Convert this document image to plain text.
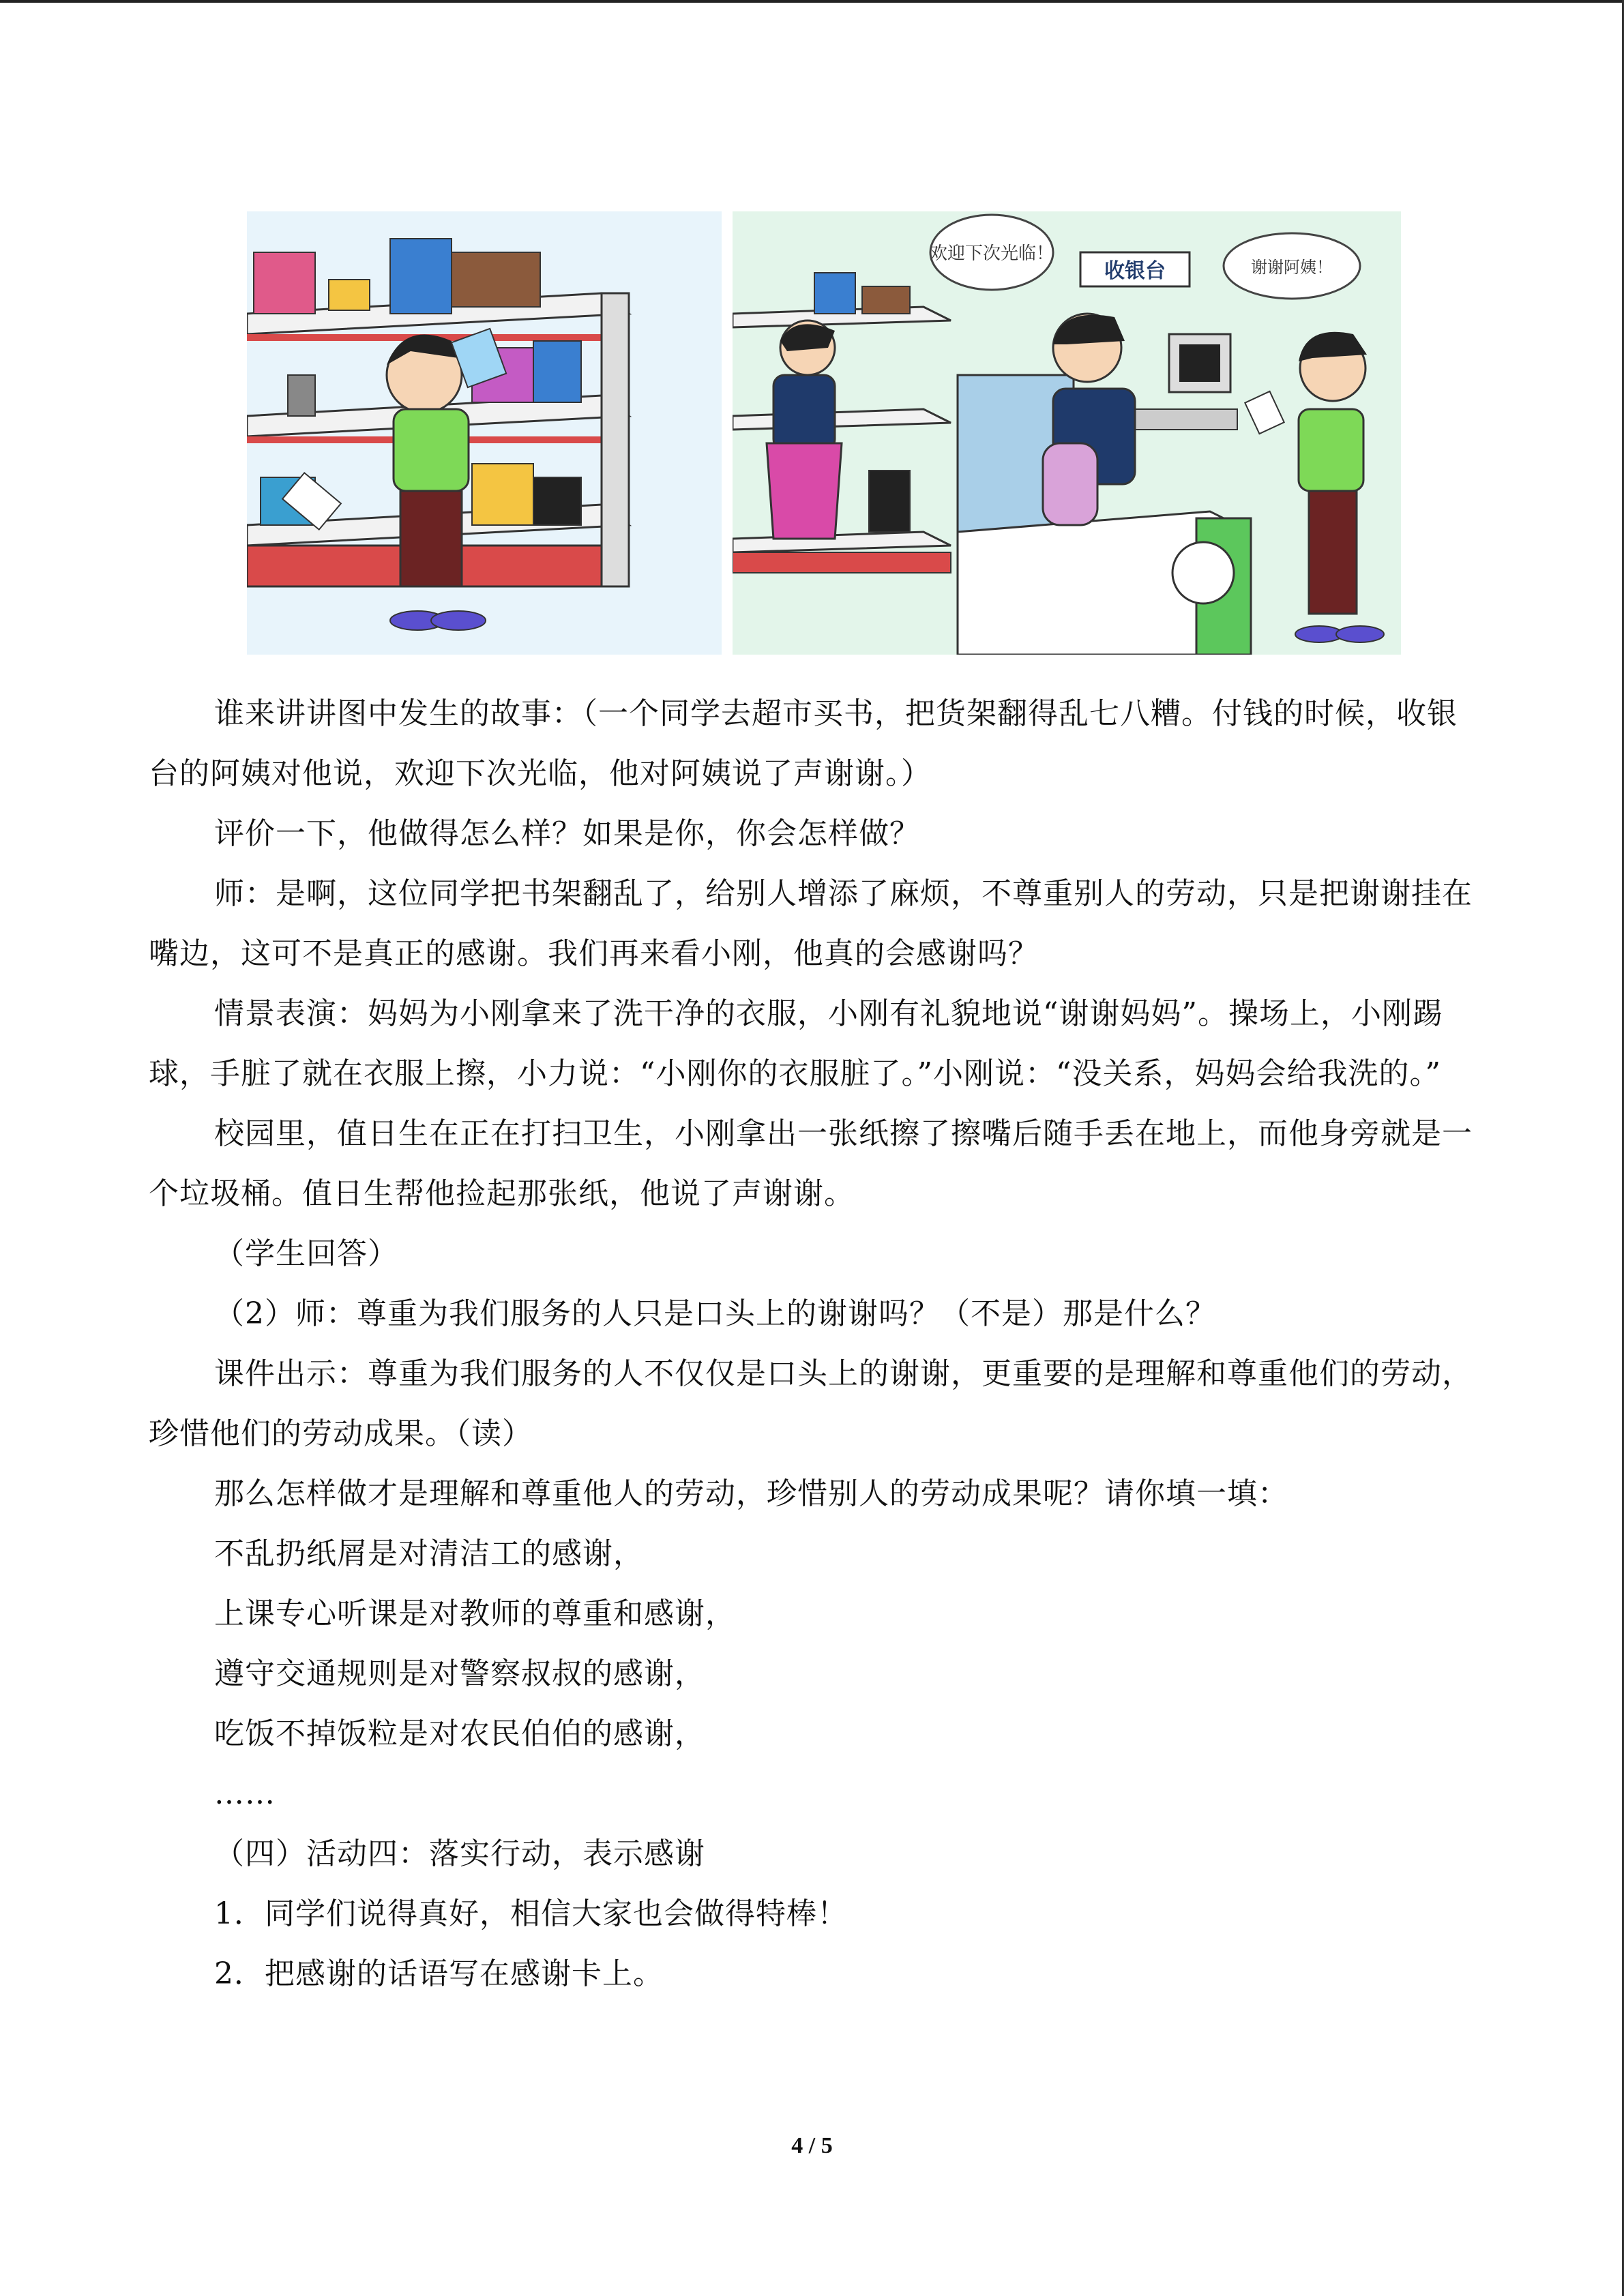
欢迎下次光临！
谢谢阿姨！
收银台

谁来讲讲图中发生的故事：（一个同学去超市买书，把货架翻得乱七八糟。付钱的时候，收银台的阿姨对他说，欢迎下次光临，他对阿姨说了声谢谢。）

评价一下，他做得怎么样？如果是你，你会怎样做？

师：是啊，这位同学把书架翻乱了，给别人增添了麻烦，不尊重别人的劳动，只是把谢谢挂在嘴边，这可不是真正的感谢。我们再来看小刚，他真的会感谢吗？

情景表演：妈妈为小刚拿来了洗干净的衣服，小刚有礼貌地说“谢谢妈妈”。操场上，小刚踢球，手脏了就在衣服上擦，小力说：“小刚你的衣服脏了。”小刚说：“没关系，妈妈会给我洗的。”

校园里，值日生在正在打扫卫生，小刚拿出一张纸擦了擦嘴后随手丢在地上，而他身旁就是一个垃圾桶。值日生帮他捡起那张纸，他说了声谢谢。

（学生回答）

（2）师：尊重为我们服务的人只是口头上的谢谢吗？（不是）那是什么？

课件出示：尊重为我们服务的人不仅仅是口头上的谢谢，更重要的是理解和尊重他们的劳动，珍惜他们的劳动成果。（读）

那么怎样做才是理解和尊重他人的劳动，珍惜别人的劳动成果呢？请你填一填：

不乱扔纸屑是对清洁工的感谢，

上课专心听课是对教师的尊重和感谢，

遵守交通规则是对警察叔叔的感谢，

吃饭不掉饭粒是对农民伯伯的感谢，

……

（四）活动四：落实行动，表示感谢

1．同学们说得真好，相信大家也会做得特棒！

2．把感谢的话语写在感谢卡上。

4 / 5
